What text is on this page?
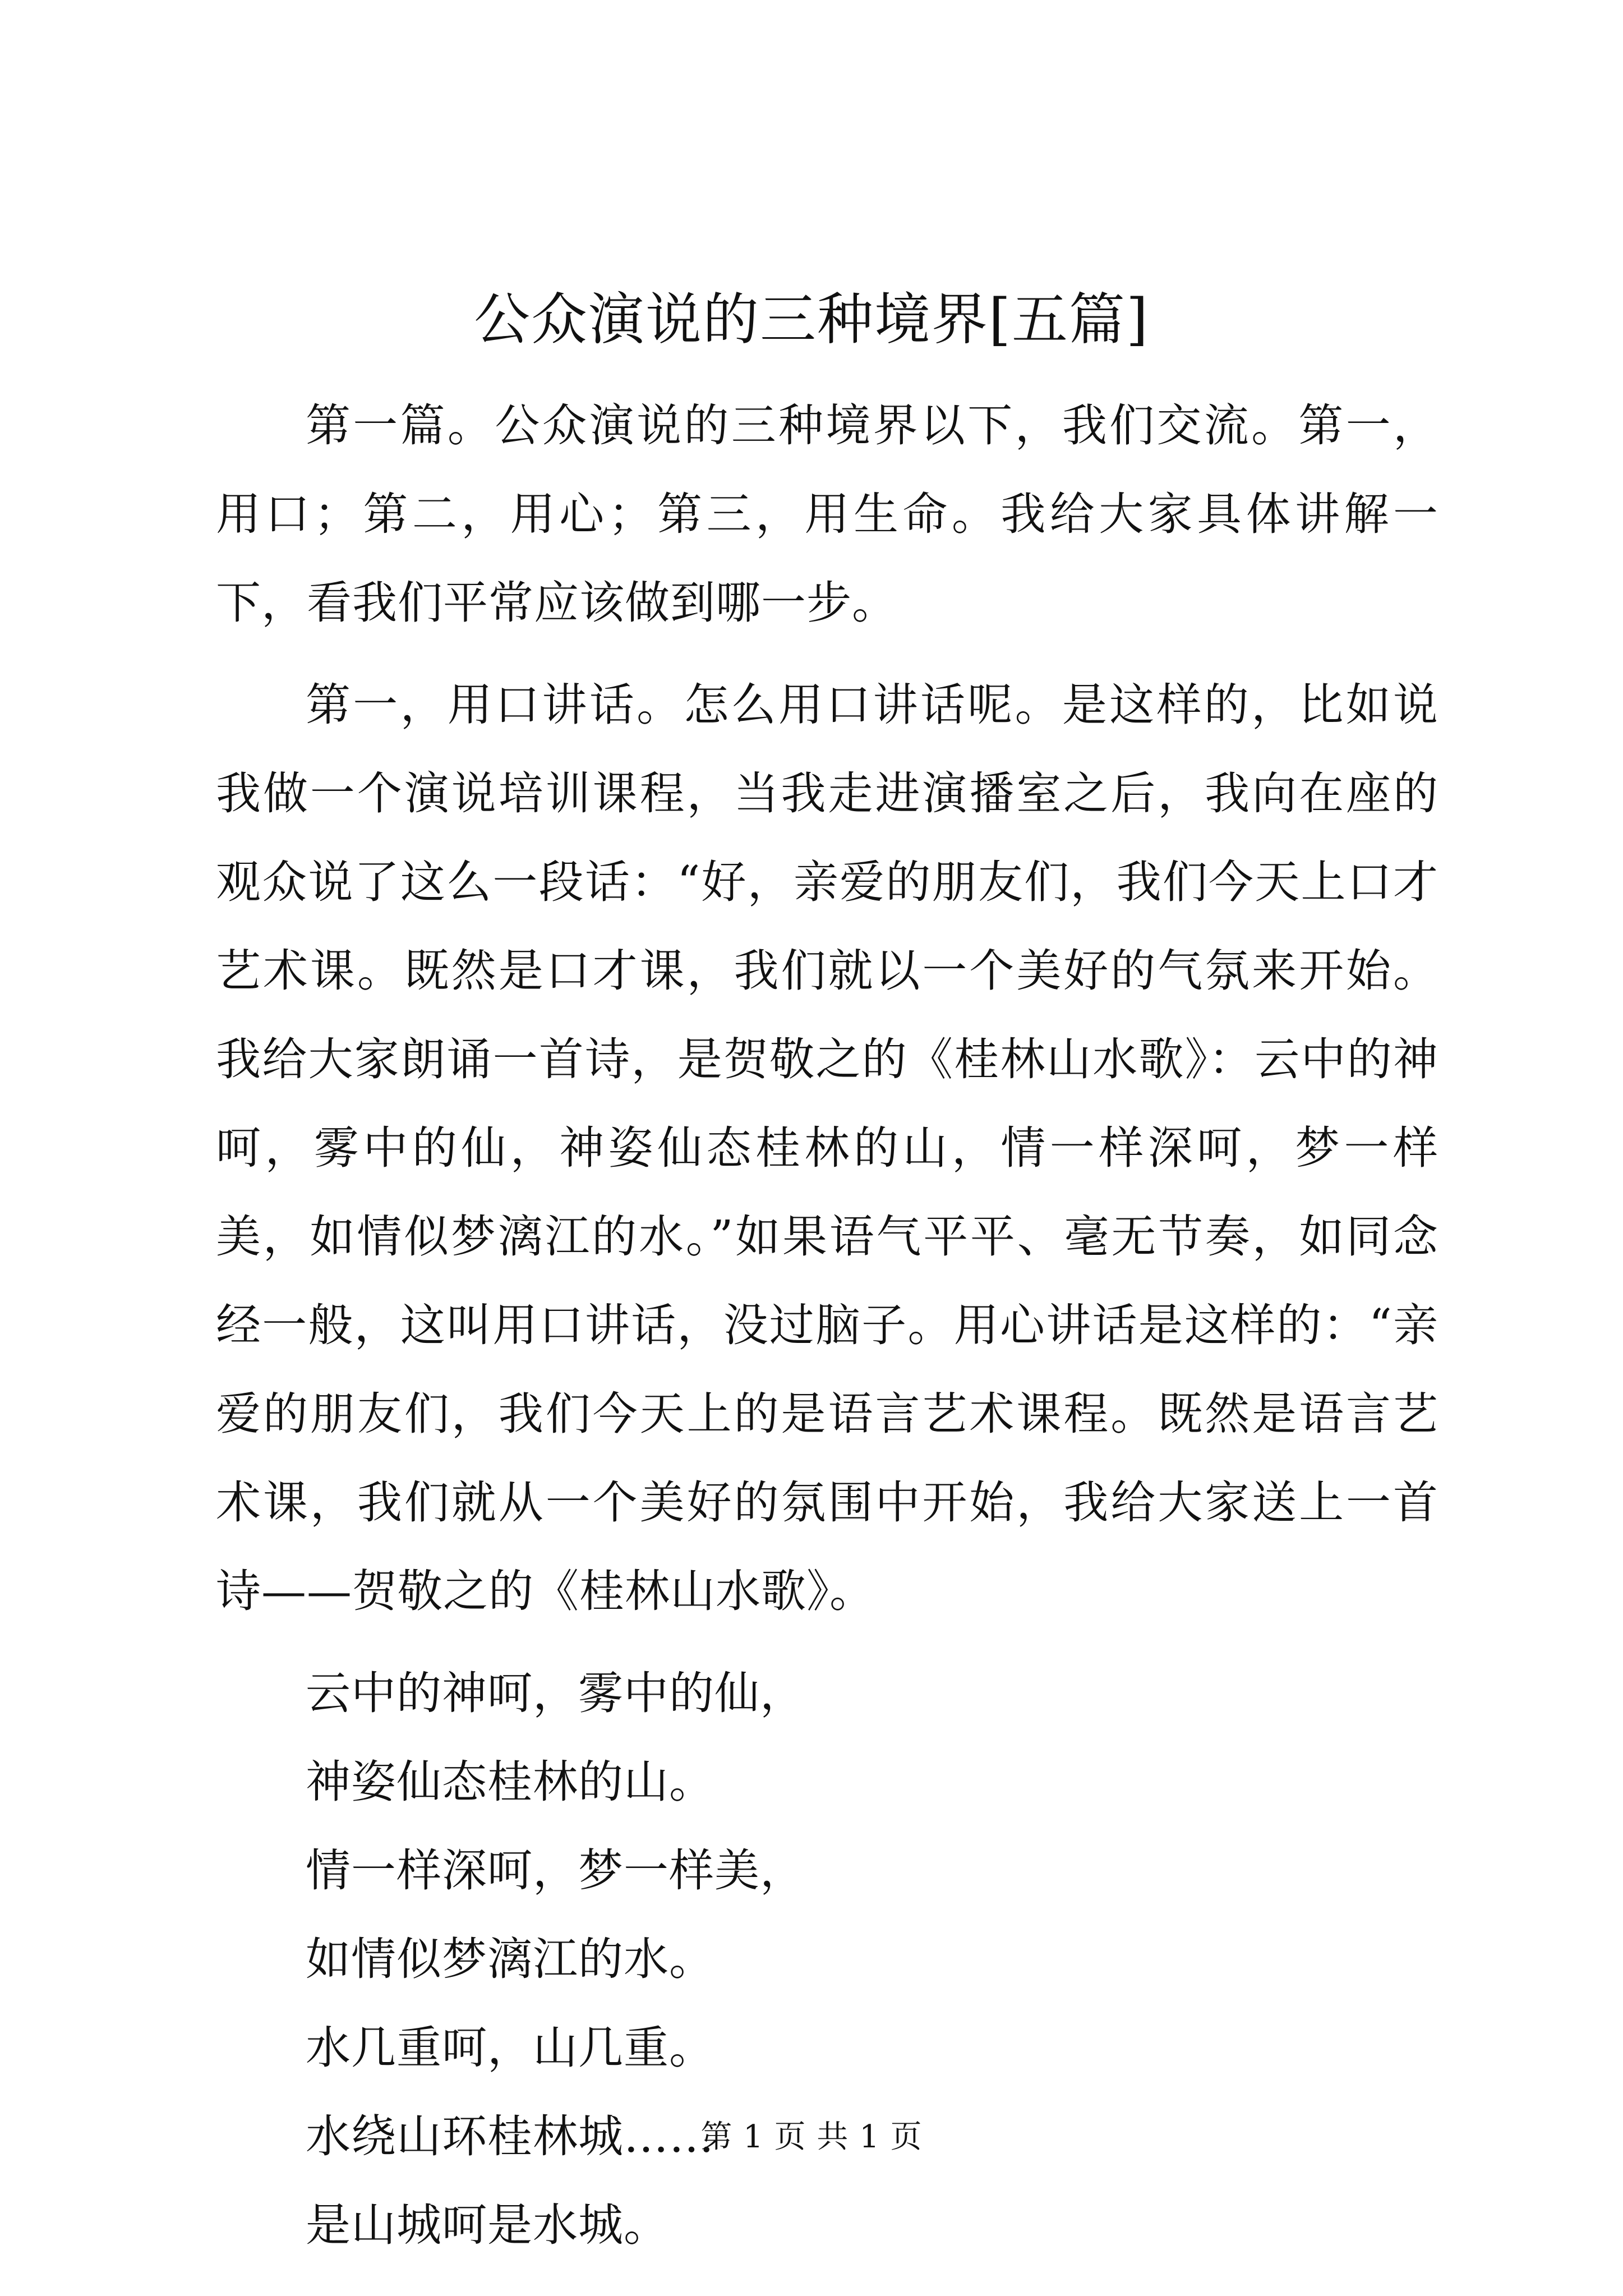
公众演说的三种境界[五篇]

第一篇。公众演说的三种境界以下，我们交流。第一，用口；第二，用心；第三，用生命。我给大家具体讲解一下，看我们平常应该做到哪一步。

第一，用口讲话。怎么用口讲话呢。是这样的，比如说我做一个演说培训课程，当我走进演播室之后，我向在座的观众说了这么一段话：“好，亲爱的朋友们，我们今天上口才艺术课。既然是口才课，我们就以一个美好的气氛来开始。我给大家朗诵一首诗，是贺敬之的《桂林山水歌》：云中的神呵，雾中的仙，神姿仙态桂林的山，情一样深呵，梦一样美，如情似梦漓江的水。”如果语气平平、毫无节奏，如同念经一般，这叫用口讲话，没过脑子。用心讲话是这样的：“亲爱的朋友们，我们今天上的是语言艺术课程。既然是语言艺术课，我们就从一个美好的氛围中开始，我给大家送上一首诗——贺敬之的《桂林山水歌》。

云中的神呵，雾中的仙，

神姿仙态桂林的山。

情一样深呵，梦一样美，

如情似梦漓江的水。

水几重呵，山几重。

水绕山环桂林城……

是山城呵是水城。

第 1 页 共 1 页
